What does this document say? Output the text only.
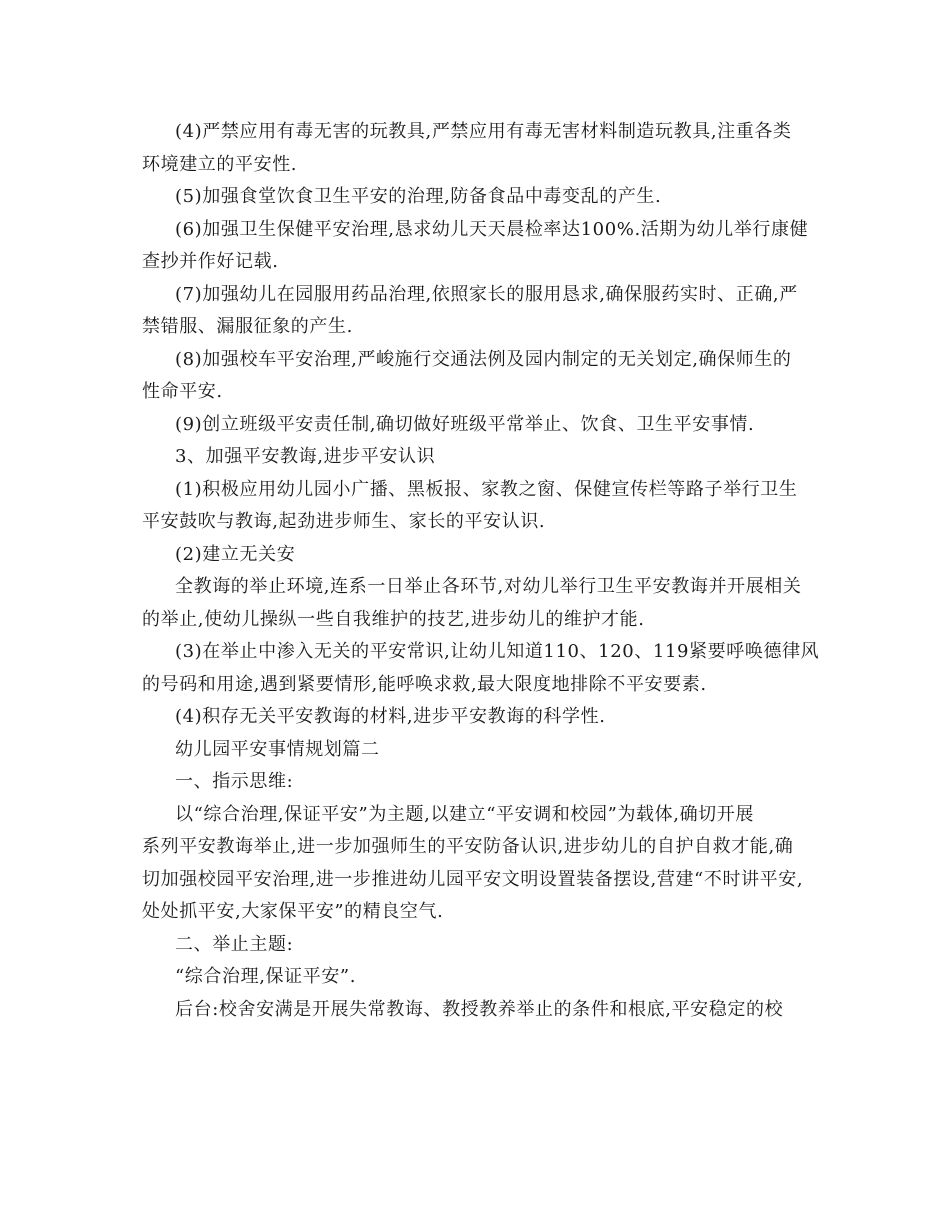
(4)严禁应用有毒无害的玩教具,严禁应用有毒无害材料制造玩教具,注重各类
环境建立的平安性.
(5)加强食堂饮食卫生平安的治理,防备食品中毒变乱的产生.
(6)加强卫生保健平安治理,恳求幼儿天天晨检率达100%.活期为幼儿举行康健
查抄并作好记载.
(7)加强幼儿在园服用药品治理,依照家长的服用恳求,确保服药实时、正确,严
禁错服、漏服征象的产生.
(8)加强校车平安治理,严峻施行交通法例及园内制定的无关划定,确保师生的
性命平安.
(9)创立班级平安责任制,确切做好班级平常举止、饮食、卫生平安事情.
3、加强平安教诲,进步平安认识
(1)积极应用幼儿园小广播、黑板报、家教之窗、保健宣传栏等路子举行卫生
平安鼓吹与教诲,起劲进步师生、家长的平安认识.
(2)建立无关安
全教诲的举止环境,连系一日举止各环节,对幼儿举行卫生平安教诲并开展相关
的举止,使幼儿操纵一些自我维护的技艺,进步幼儿的维护才能.
(3)在举止中渗入无关的平安常识,让幼儿知道110、120、119紧要呼唤德律风
的号码和用途,遇到紧要情形,能呼唤求救,最大限度地排除不平安要素.
(4)积存无关平安教诲的材料,进步平安教诲的科学性.
幼儿园平安事情规划篇二
一、指示思维:
以“综合治理,保证平安”为主题,以建立“平安调和校园”为载体,确切开展
系列平安教诲举止,进一步加强师生的平安防备认识,进步幼儿的自护自救才能,确
切加强校园平安治理,进一步推进幼儿园平安文明设置装备摆设,营建“不时讲平安,
处处抓平安,大家保平安”的精良空气.
二、举止主题:
“综合治理,保证平安”.
后台:校舍安满是开展失常教诲、教授教养举止的条件和根底,平安稳定的校
